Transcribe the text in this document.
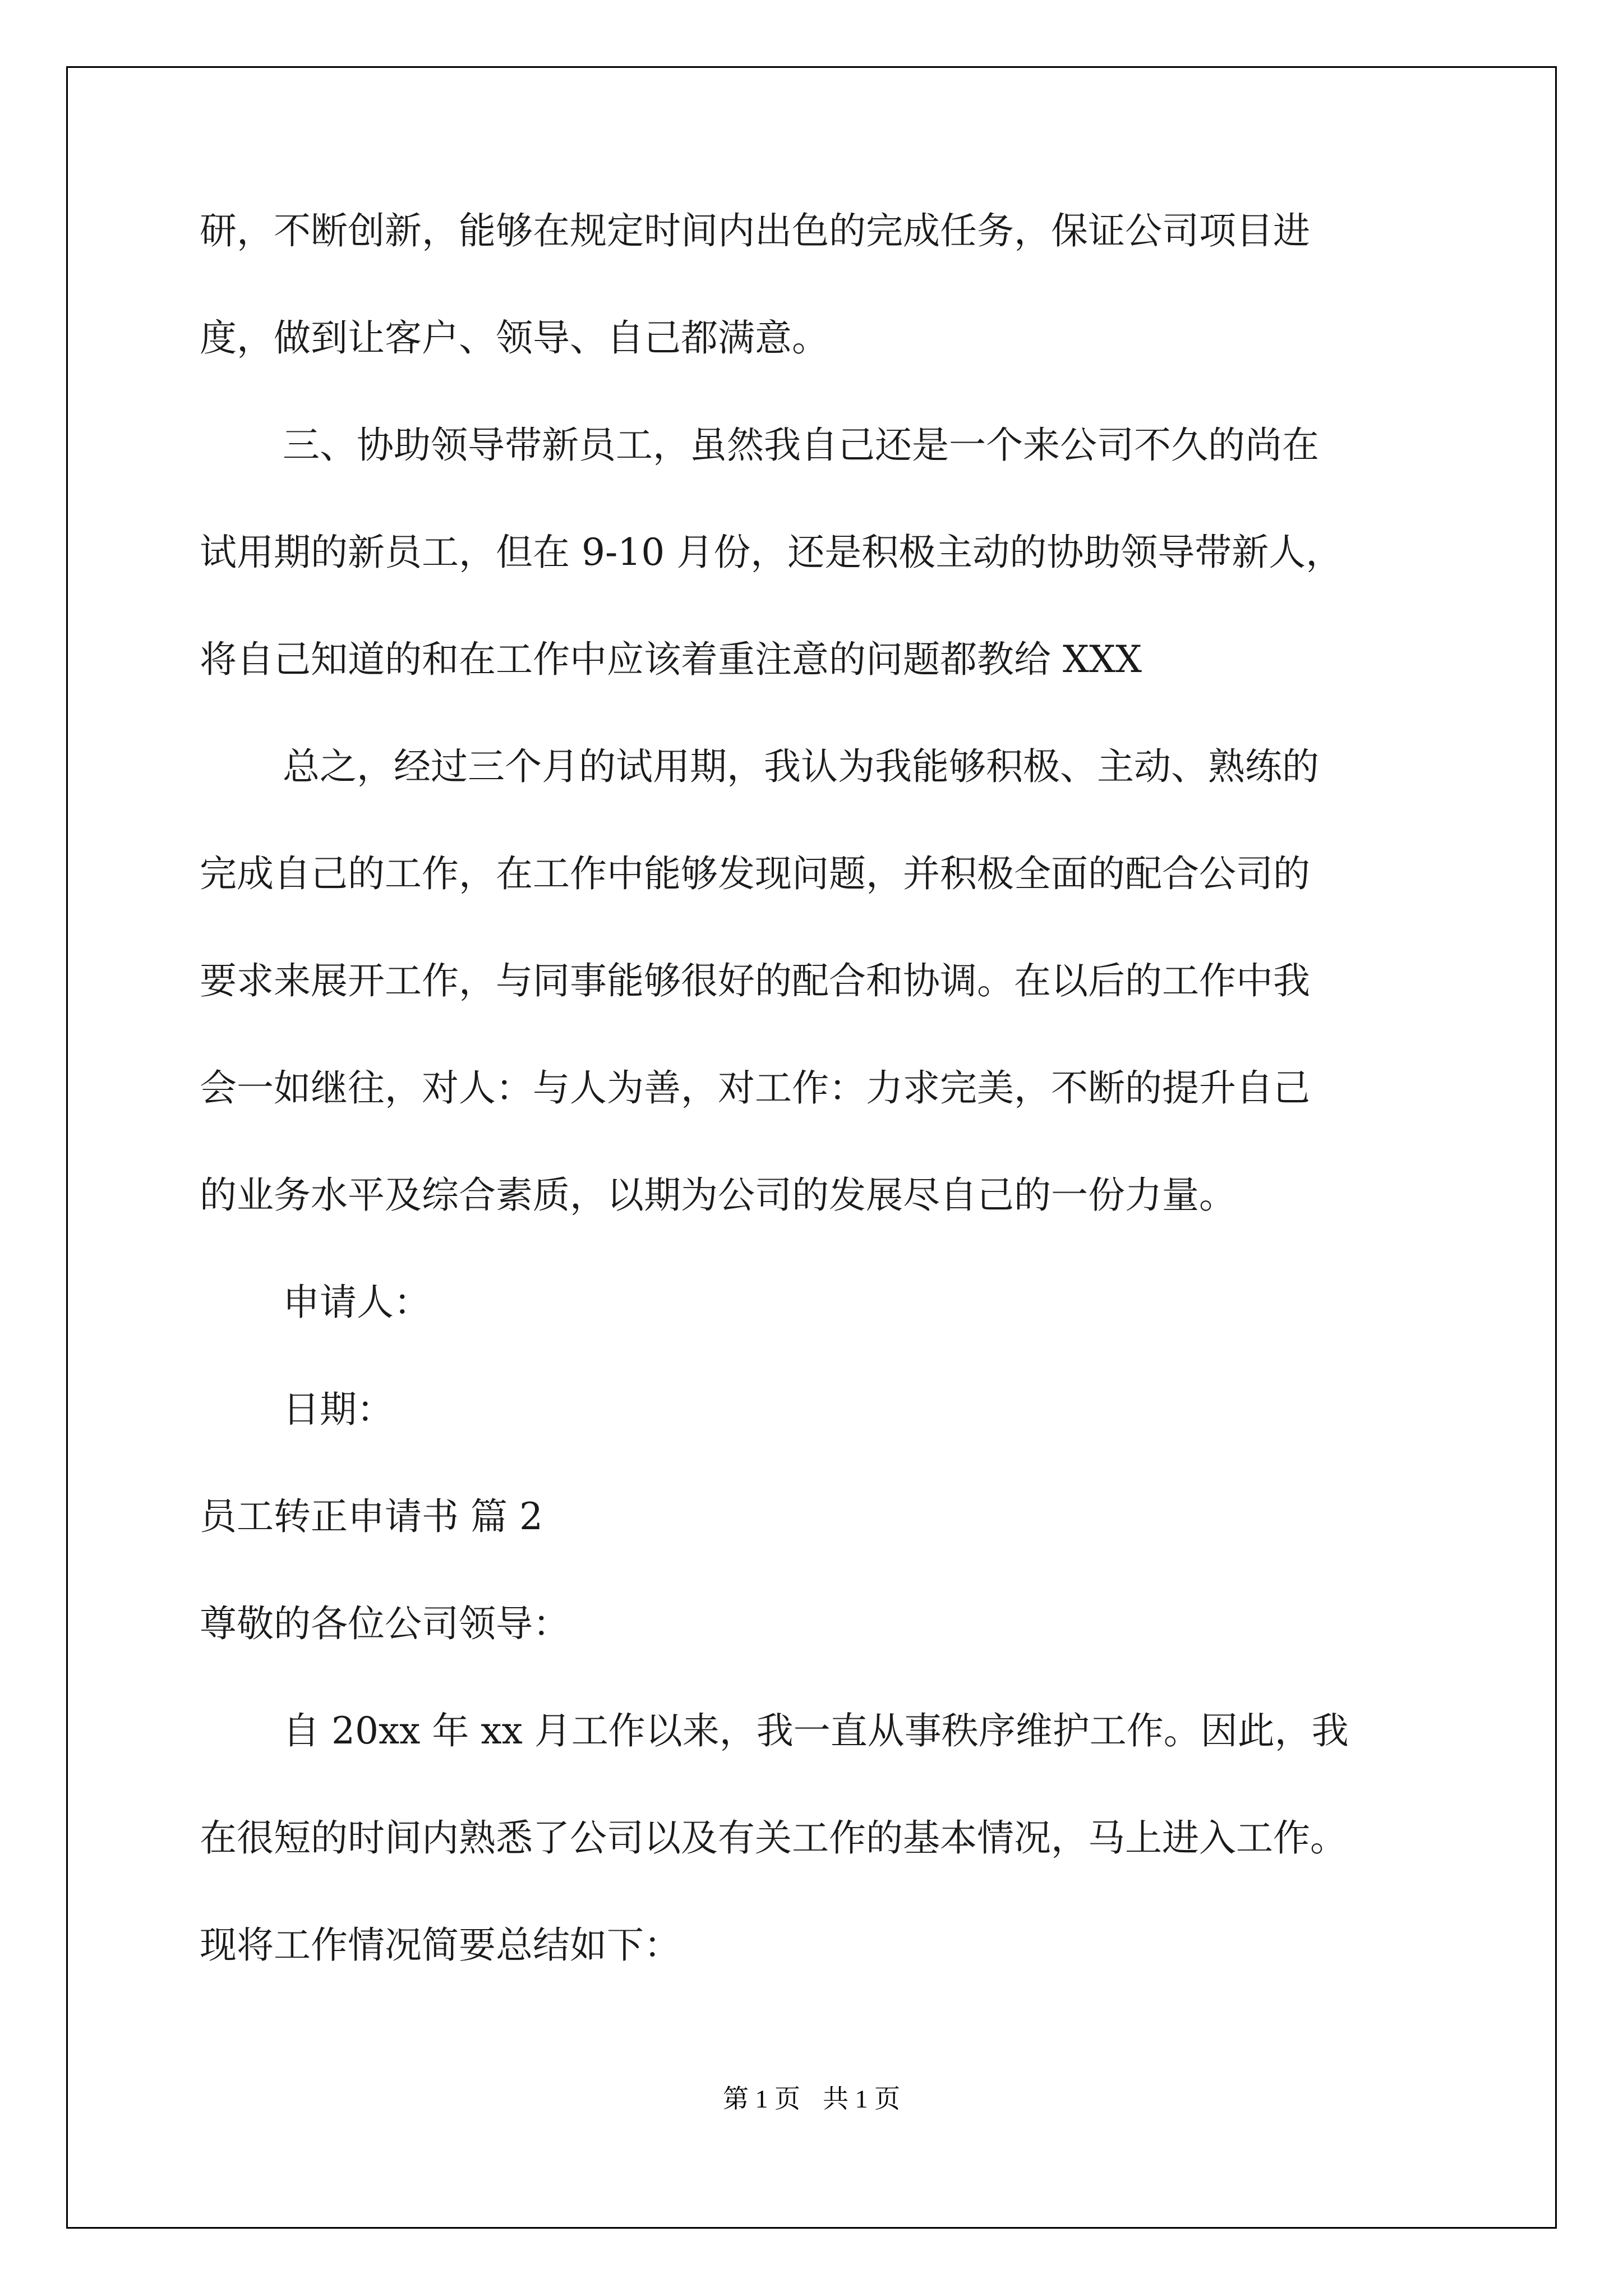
研，不断创新，能够在规定时间内出色的完成任务，保证公司项目进
度，做到让客户、领导、自己都满意。
三、协助领导带新员工，虽然我自己还是一个来公司不久的尚在
试用期的新员工，但在 9-10 月份，还是积极主动的协助领导带新人，
将自己知道的和在工作中应该着重注意的问题都教给 XXX
总之，经过三个月的试用期，我认为我能够积极、主动、熟练的
完成自己的工作，在工作中能够发现问题，并积极全面的配合公司的
要求来展开工作，与同事能够很好的配合和协调。在以后的工作中我
会一如继往，对人：与人为善，对工作：力求完美，不断的提升自己
的业务水平及综合素质，以期为公司的发展尽自己的一份力量。
申请人：
日期：
员工转正申请书 篇 2
尊敬的各位公司领导：
自 20xx 年 xx 月工作以来，我一直从事秩序维护工作。因此，我
在很短的时间内熟悉了公司以及有关工作的基本情况，马上进入工作。
现将工作情况简要总结如下：
第 1 页 共 1 页
